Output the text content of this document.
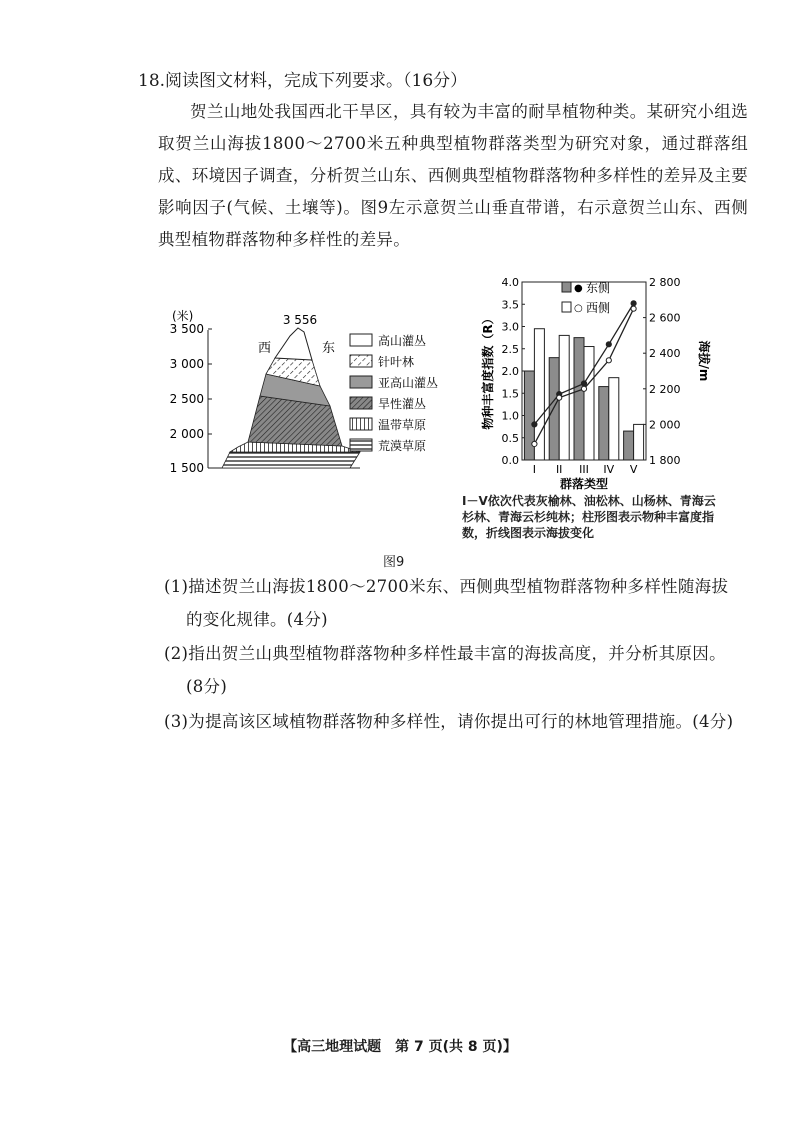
18.阅读图文材料，完成下列要求。（16分）
贺兰山地处我国西北干旱区，具有较为丰富的耐旱植物种类。某研究小组选取贺兰山海拔1800～2700米五种典型植物群落类型为研究对象，通过群落组成、环境因子调查，分析贺兰山东、西侧典型植物群落物种多样性的差异及主要影响因子(气候、土壤等)。图9左示意贺兰山垂直带谱，右示意贺兰山东、西侧典型植物群落物种多样性的差异。
(米)
3 500
3 000
2 500
2 000
1 500
3 556
西	东	高山灌丛
针叶林
亚高山灌丛
旱性灌丛
温带草原
荒漠草原
0.0
0.5
1.0
1.5
2.0
2.5
3.0
3.5
4.0
1 800
2 000
2 200
2 400
2 600
2 800
I II III IV V
群落类型
物种丰富度指数（R）	海拔/m
● 东侧
○ 西侧
I－V依次代表灰榆林、油松林、山杨林、青海云杉林、青海云杉纯林；柱形图表示物种丰富度指数，折线图表示海拔变化
图9
(1)描述贺兰山海拔1800～2700米东、西侧典型植物群落物种多样性随海拔
的变化规律。(4分)
(2)指出贺兰山典型植物群落物种多样性最丰富的海拔高度，并分析其原因。
(8分)
(3)为提高该区域植物群落物种多样性，请你提出可行的林地管理措施。(4分)
【高三地理试题　第 7 页(共 8 页)】
